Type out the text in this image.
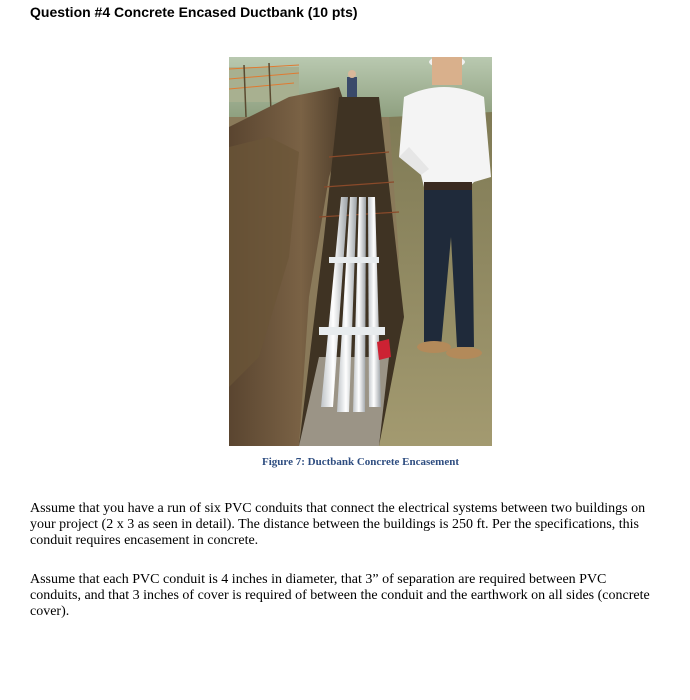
Question #4 Concrete Encased Ductbank (10 pts)
Figure 7: Ductbank Concrete Encasement

Assume that you have a run of six PVC conduits that connect the electrical systems between two buildings on your project (2 x 3 as seen in detail). The distance between the buildings is 250 ft. Per the specifications, this conduit requires encasement in concrete.

Assume that each PVC conduit is 4 inches in diameter, that 3” of separation are required between PVC conduits, and that 3 inches of cover is required of between the conduit and the earthwork on all sides (concrete cover).
